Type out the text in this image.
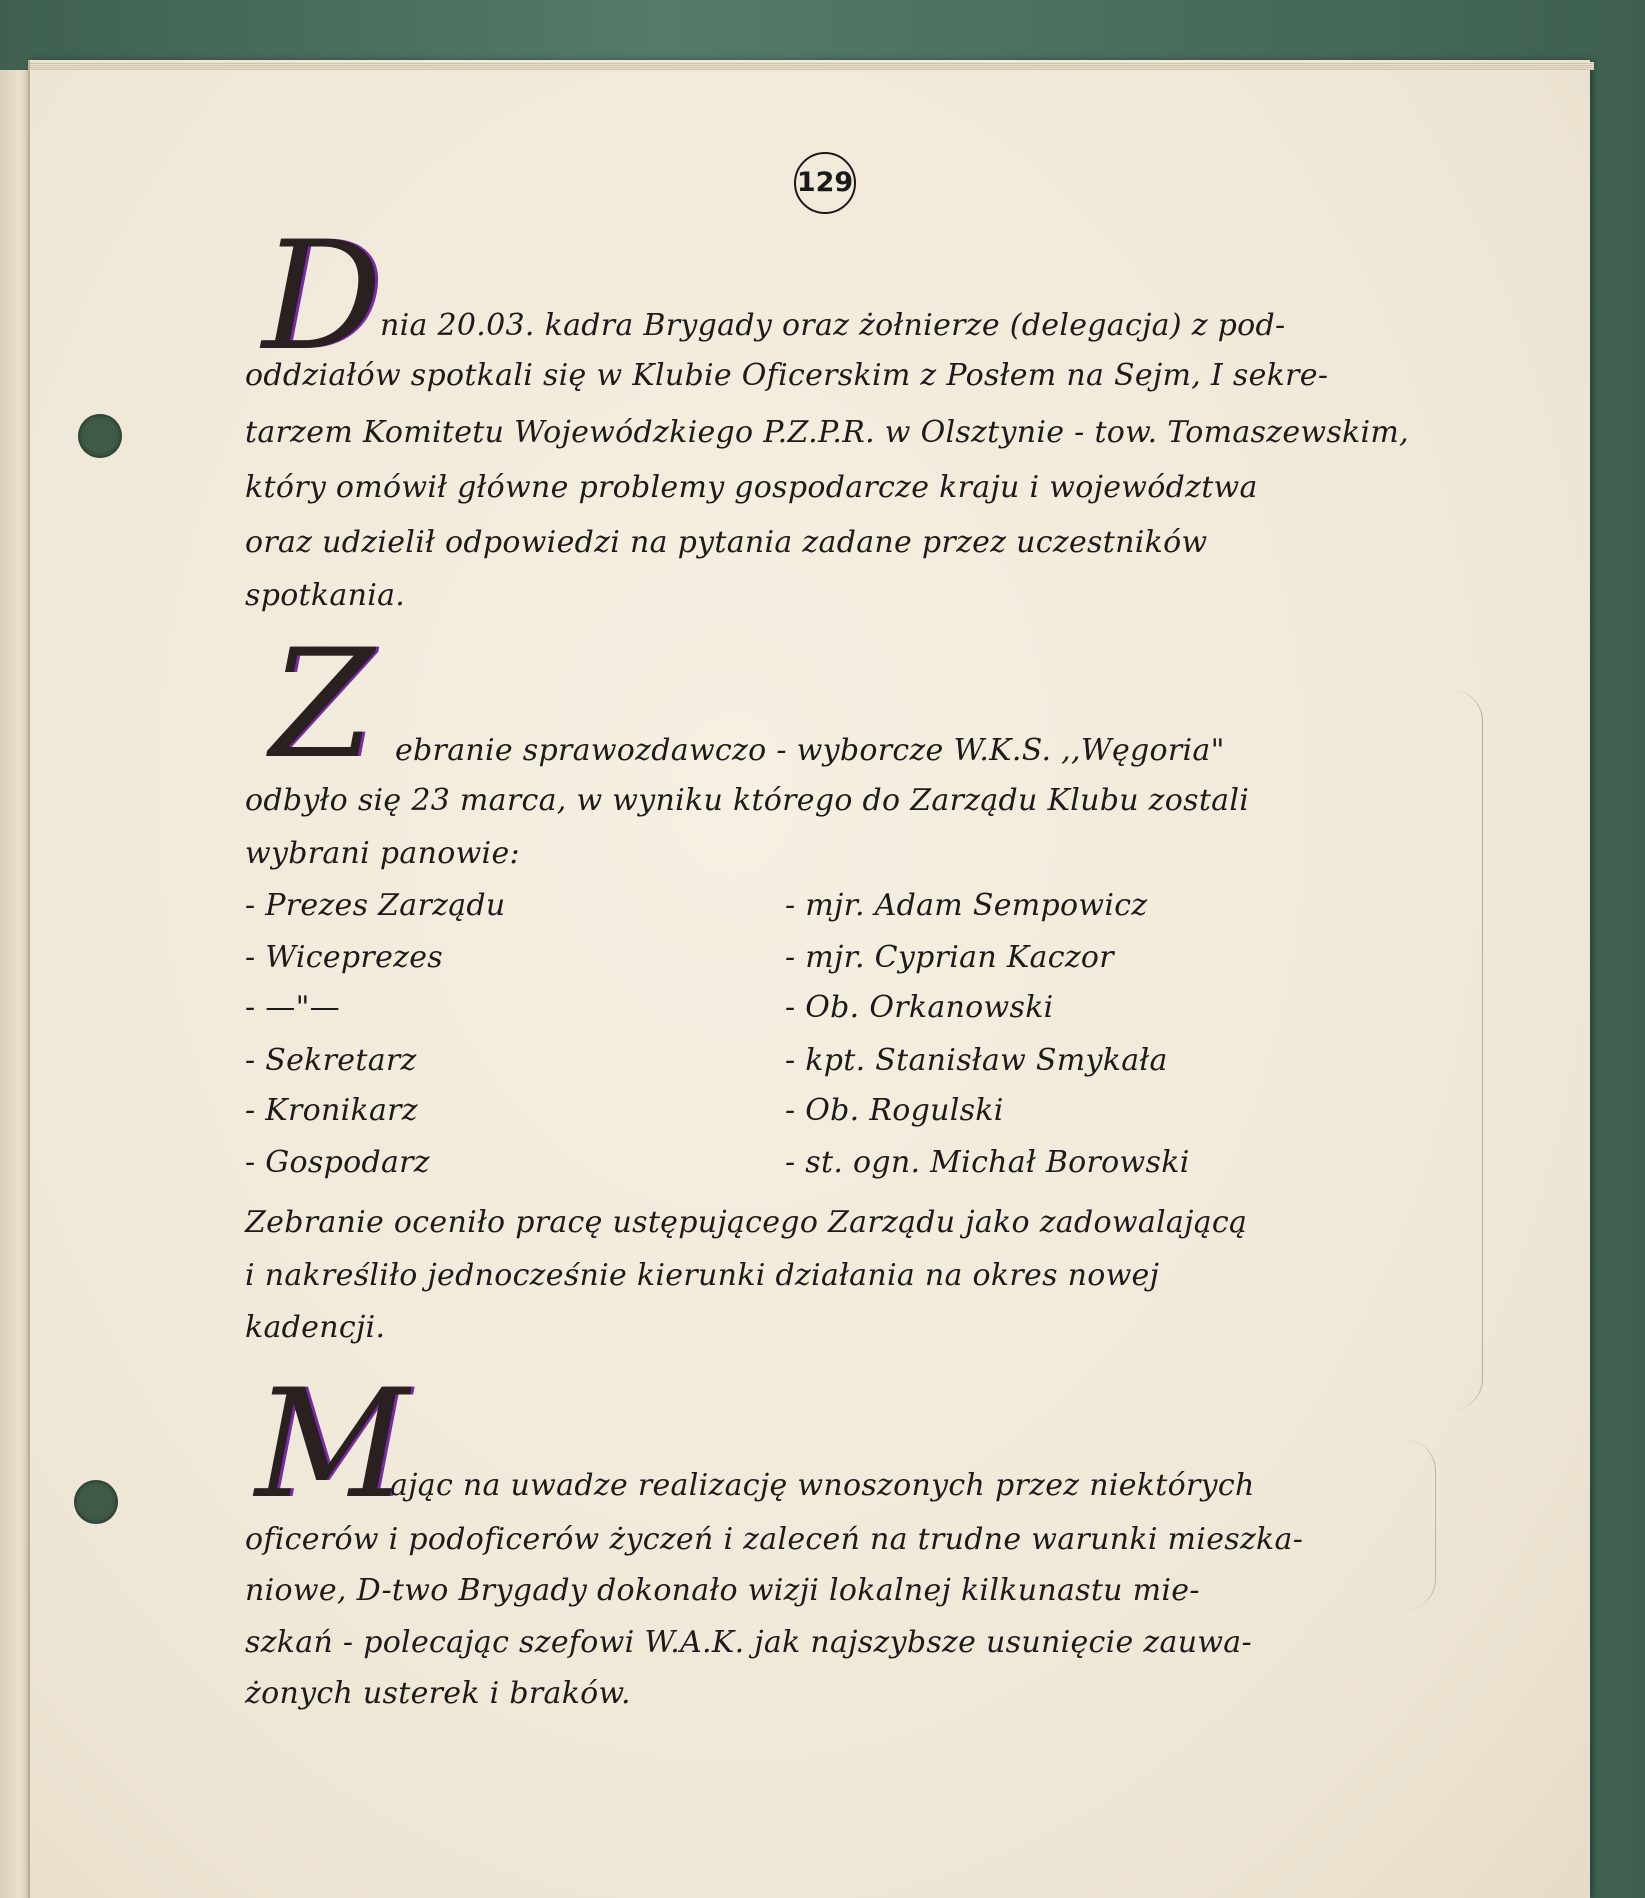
129
D
nia 20.03. kadra Brygady oraz żołnierze (delegacja) z pod-
oddziałów spotkali się w Klubie Oficerskim z Posłem na Sejm, I sekre-
tarzem Komitetu Wojewódzkiego P.Z.P.R. w Olsztynie - tow. Tomaszewskim,
który omówił główne problemy gospodarcze kraju i województwa
oraz udzielił odpowiedzi na pytania zadane przez uczestników
spotkania.
Z ebranie sprawozdawczo - wyborcze W.K.S. ,,Węgoria"
odbyło się 23 marca, w wyniku którego do Zarządu Klubu zostali
wybrani panowie:
- Prezes Zarządu	- mjr. Adam Sempowicz
- Wiceprezes	- mjr. Cyprian Kaczor
- —"—	- Ob. Orkanowski
- Sekretarz	- kpt. Stanisław Smykała
- Kronikarz	- Ob. Rogulski
- Gospodarz	- st. ogn. Michał Borowski
Zebranie oceniło pracę ustępującego Zarządu jako zadowalającą
i nakreśliło jednocześnie kierunki działania na okres nowej
kadencji.
M
ając na uwadze realizację wnoszonych przez niektórych
oficerów i podoficerów życzeń i zaleceń na trudne warunki mieszka-
niowe, D-two Brygady dokonało wizji lokalnej kilkunastu mie-
szkań - polecając szefowi W.A.K. jak najszybsze usunięcie zauwa-
żonych usterek i braków.
